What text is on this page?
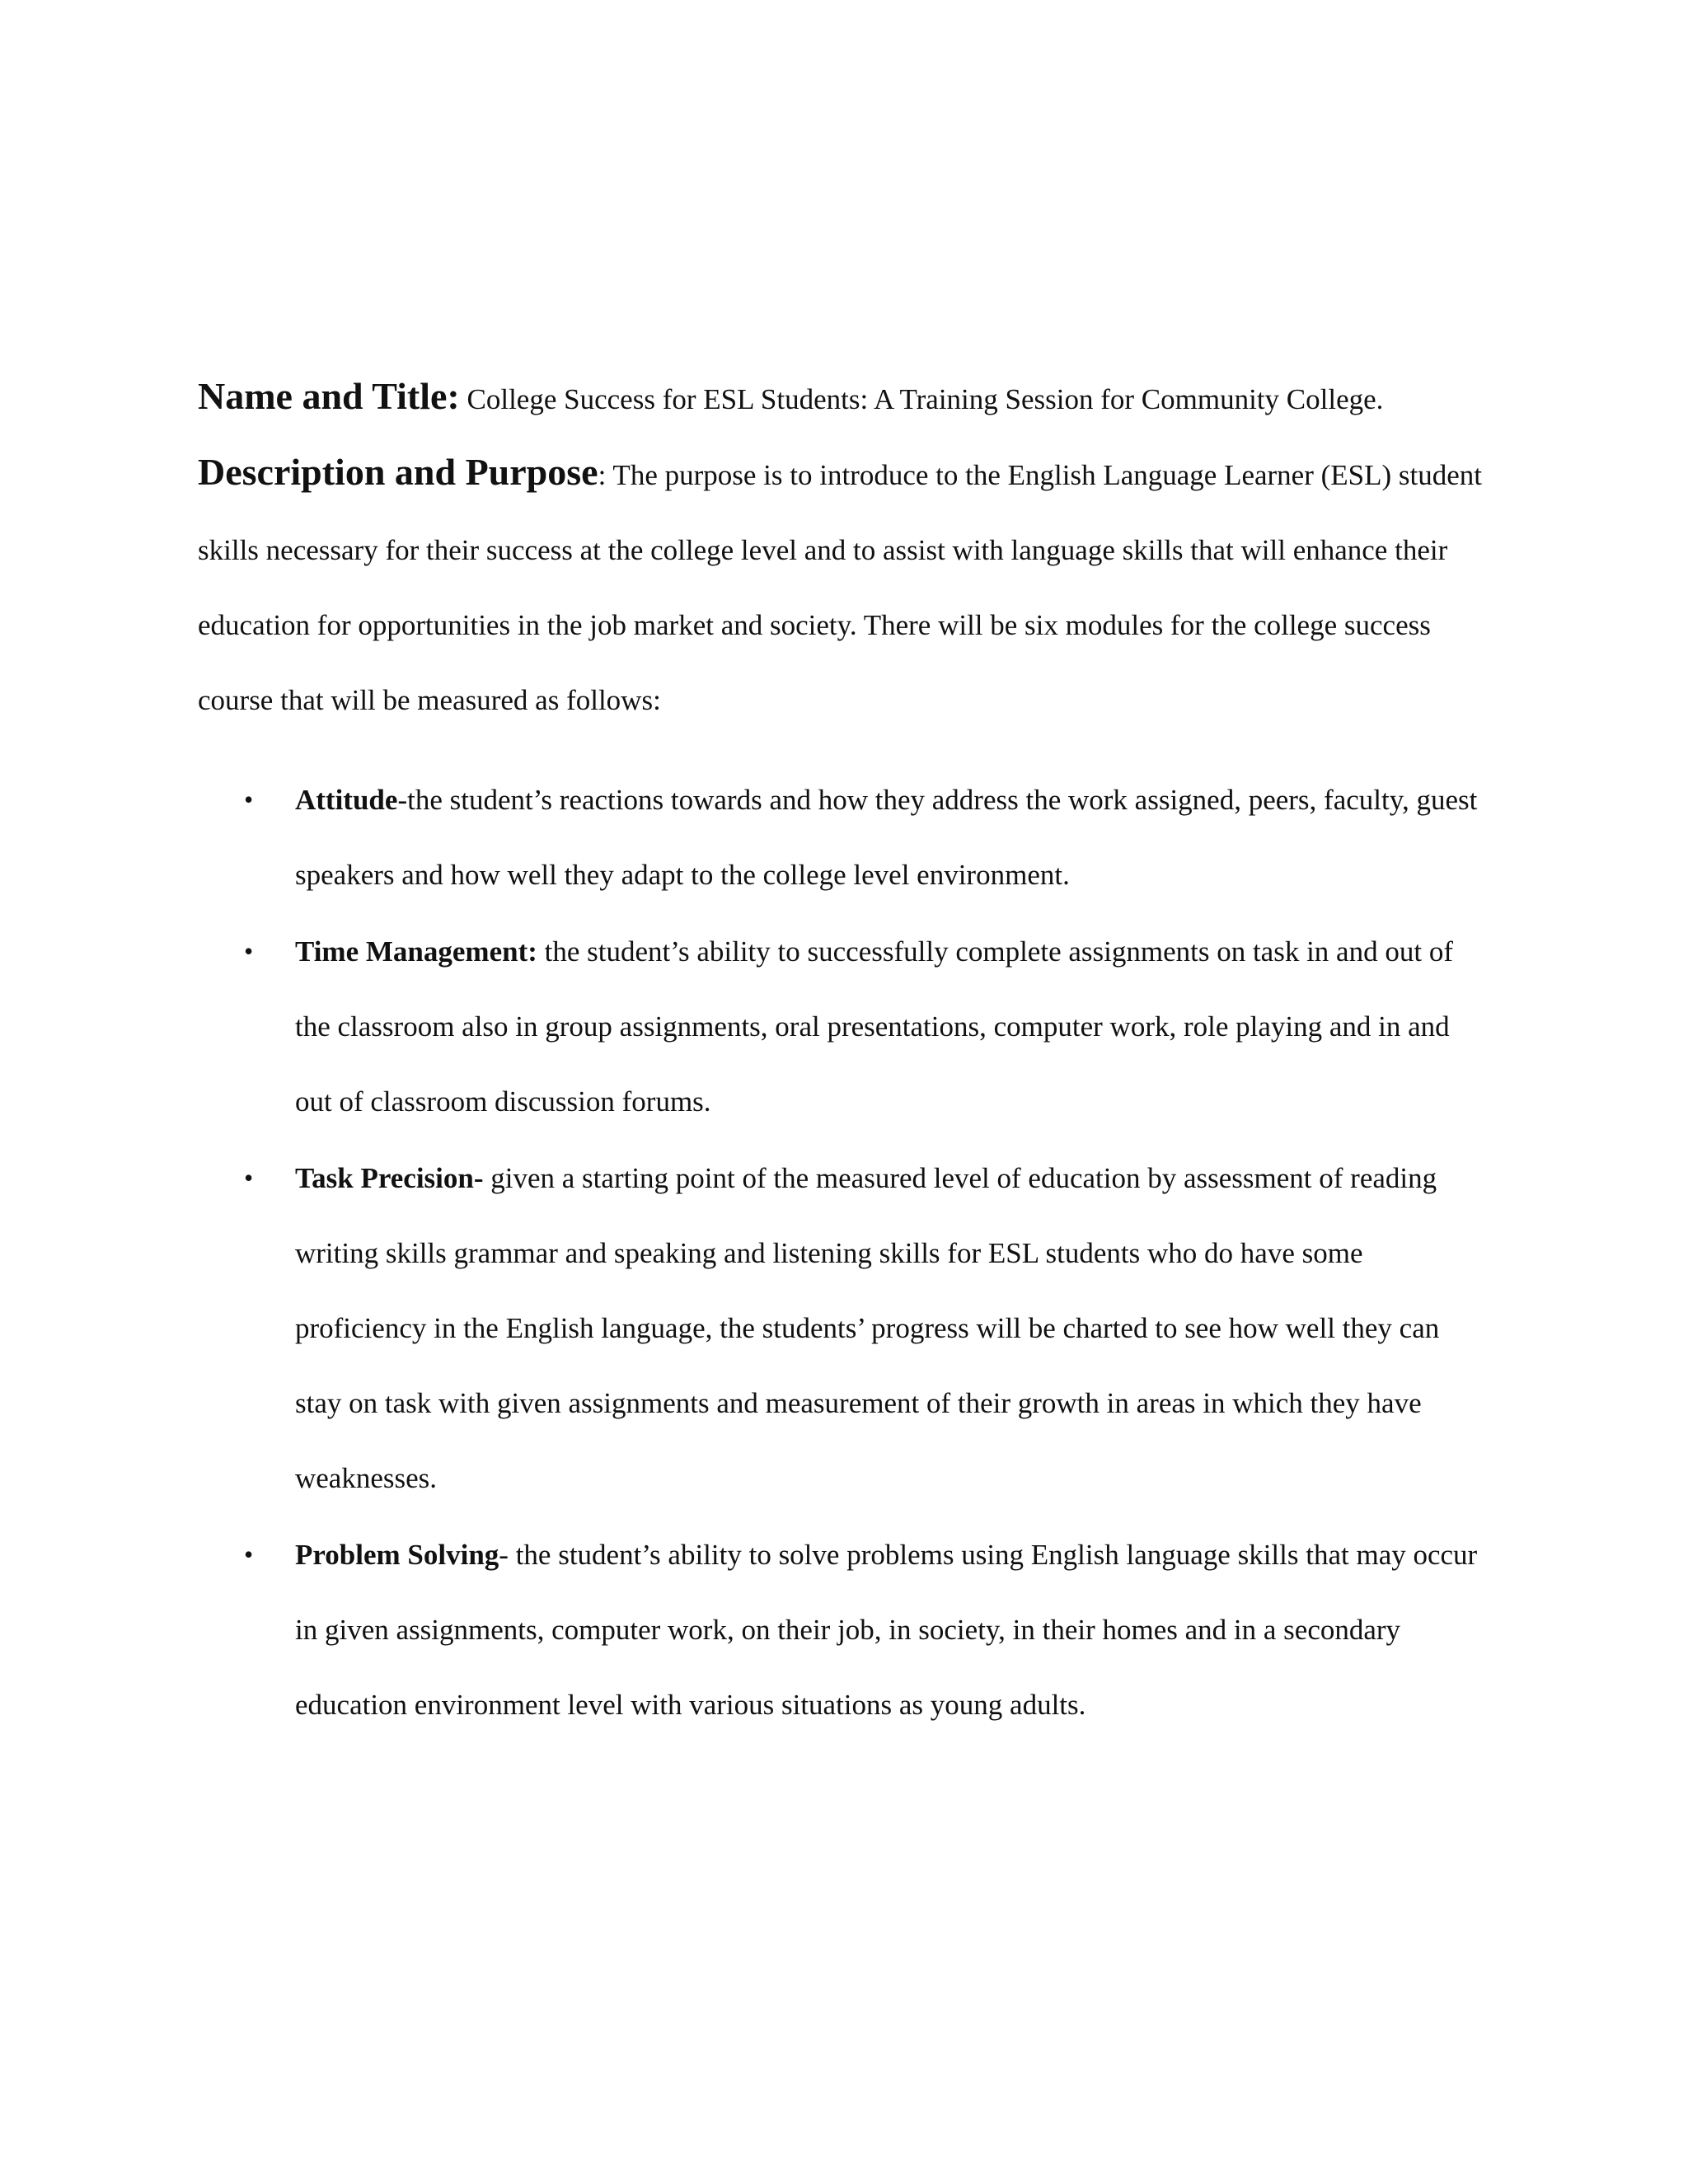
Name and Title: College Success for ESL Students: A Training Session for Community College.

Description and Purpose: The purpose is to introduce to the English Language Learner (ESL) student skills necessary for their success at the college level and to assist with language skills that will enhance their education for opportunities in the job market and society. There will be six modules for the college success course that will be measured as follows:

• Attitude-the student’s reactions towards and how they address the work assigned, peers, faculty, guest speakers and how well they adapt to the college level environment.
• Time Management: the student’s ability to successfully complete assignments on task in and out of the classroom also in group assignments, oral presentations, computer work, role playing and in and out of classroom discussion forums.
• Task Precision- given a starting point of the measured level of education by assessment of reading writing skills grammar and speaking and listening skills for ESL students who do have some proficiency in the English language, the students’ progress will be charted to see how well they can stay on task with given assignments and measurement of their growth in areas in which they have weaknesses.
• Problem Solving- the student’s ability to solve problems using English language skills that may occur in given assignments, computer work, on their job, in society, in their homes and in a secondary education environment level with various situations as young adults.
